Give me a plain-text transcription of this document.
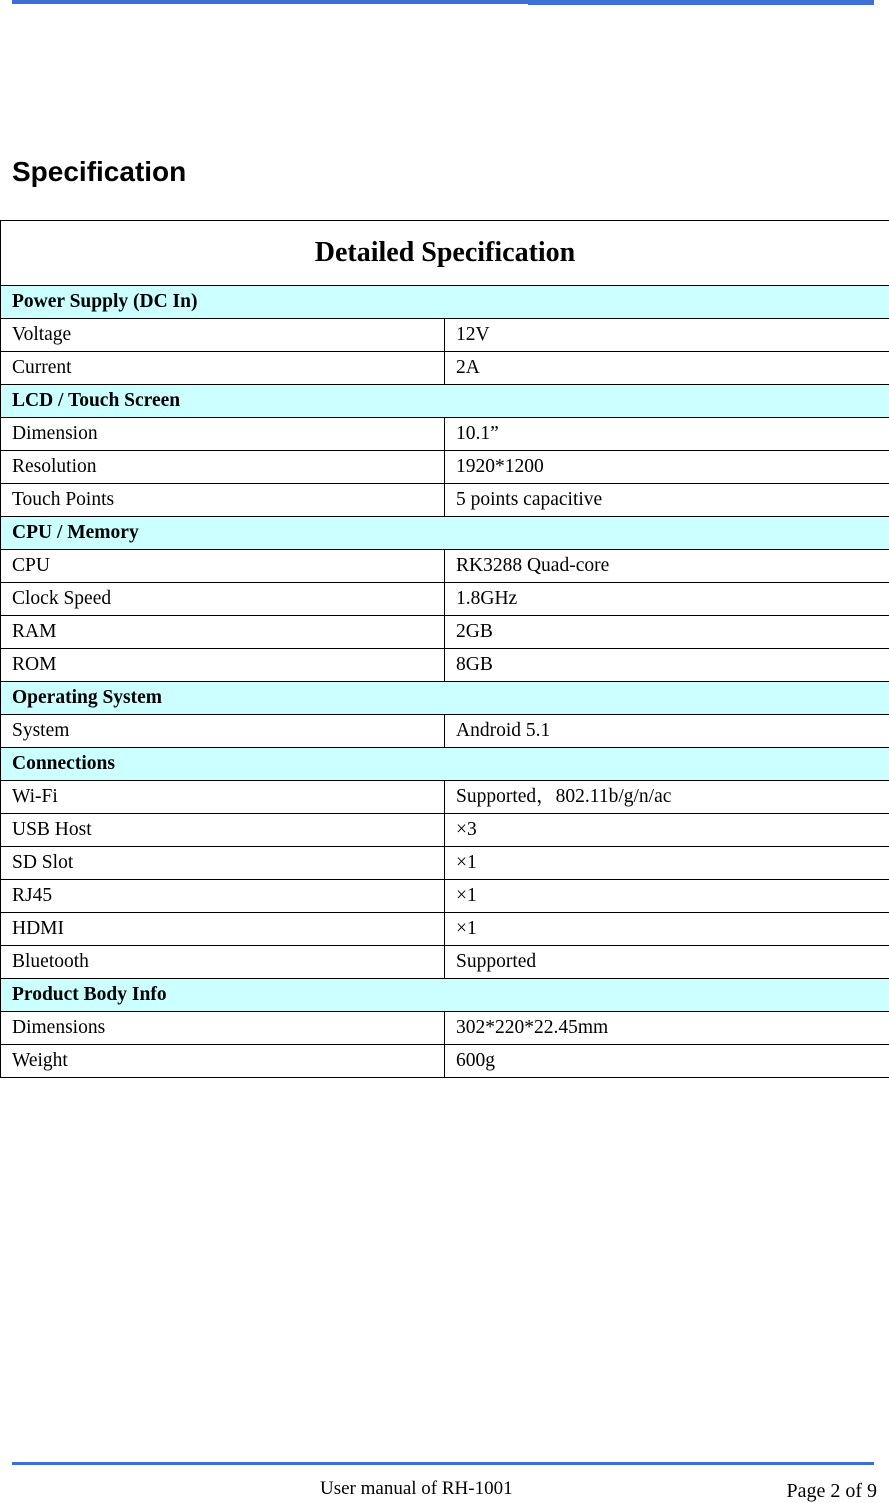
Specification
Detailed Specification	
Power Supply (DC In)	
Voltage	12V
Current	2A
LCD / Touch Screen	
Dimension	10.1”
Resolution	1920*1200
Touch Points	5 points capacitive
CPU / Memory	
CPU	RK3288 Quad-core
Clock Speed	1.8GHz
RAM	2GB
ROM	8GB
Operating System	
System	Android 5.1
Connections	
Wi-Fi	Supported，802.11b/g/n/ac
USB Host	×3
SD Slot	×1
RJ45	×1
HDMI	×1
Bluetooth	Supported
Product Body Info	
Dimensions	302*220*22.45mm
Weight	600g
User manual of RH-1001	Page 2 of 9
